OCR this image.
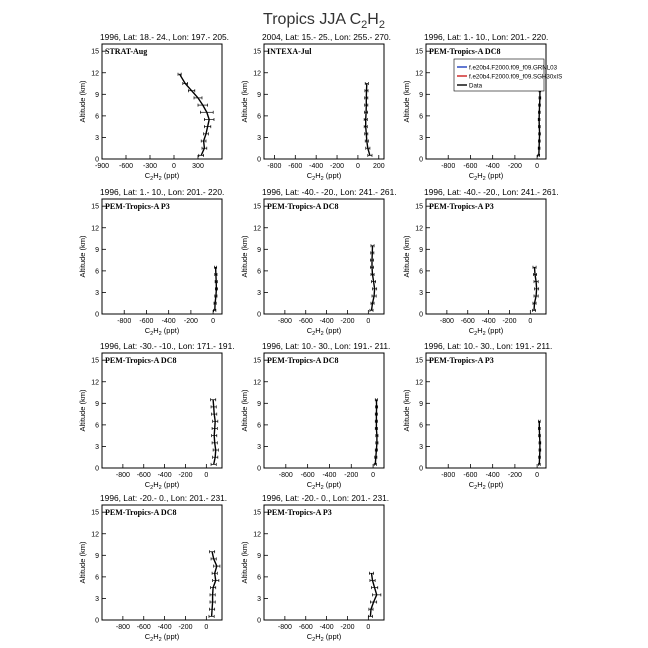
Tropics JJA $C_2H_2$
1996, Lat: 18.- 24., Lon: 197.- 205.
STRAT-Aug
0
3
6
9
12
15
Altitude (km)
-900 -600 -300 0 300
$C_2H_2$ (ppt)
2004, Lat: 15.- 25., Lon: 255.- 270.
INTEXA-Jul
0
3
6
9
12
15
Altitude (km)
-800 -600 -400 -200 0 200
$C_2H_2$ (ppt)
1996, Lat: 1.- 10., Lon: 201.- 220.
PEM-Tropics-A DC8
0
3
6
9
12
15
Altitude (km)
-800 -600 -400 -200 0
$C_2H_2$ (ppt)
f.e20b4.F2000.f09_f09.GRNL03
f.e20b4.F2000.f09_f09.SGH30xIS
Data
1996, Lat: 1.- 10., Lon: 201.- 220.
PEM-Tropics-A P3
0
3
6
9
12
15
Altitude (km)
-800 -600 -400 -200 0
$C_2H_2$ (ppt)
1996, Lat: -40.- -20., Lon: 241.- 261.
PEM-Tropics-A DC8
0
3
6
9
12
15
Altitude (km)
-800 -600 -400 -200 0
$C_2H_2$ (ppt)
1996, Lat: -40.- -20., Lon: 241.- 261.
PEM-Tropics-A P3
0
3
6
9
12
15
Altitude (km)
-800 -600 -400 -200 0
$C_2H_2$ (ppt)
1996, Lat: -30.- -10., Lon: 171.- 191.
PEM-Tropics-A DC8
0
3
6
9
12
15
Altitude (km)
-800 -600 -400 -200 0
$C_2H_2$ (ppt)
1996, Lat: 10.- 30., Lon: 191.- 211.
PEM-Tropics-A DC8
0
3
6
9
12
15
Altitude (km)
-800 -600 -400 -200 0
$C_2H_2$ (ppt)
1996, Lat: 10.- 30., Lon: 191.- 211.
PEM-Tropics-A P3
0
3
6
9
12
15
Altitude (km)
-800 -600 -400 -200 0
$C_2H_2$ (ppt)
1996, Lat: -20.- 0., Lon: 201.- 231.
PEM-Tropics-A DC8
0
3
6
9
12
15
Altitude (km)
-800 -600 -400 -200 0
$C_2H_2$ (ppt)
1996, Lat: -20.- 0., Lon: 201.- 231.
PEM-Tropics-A P3
0
3
6
9
12
15
Altitude (km)
-800 -600 -400 -200 0
$C_2H_2$ (ppt)
